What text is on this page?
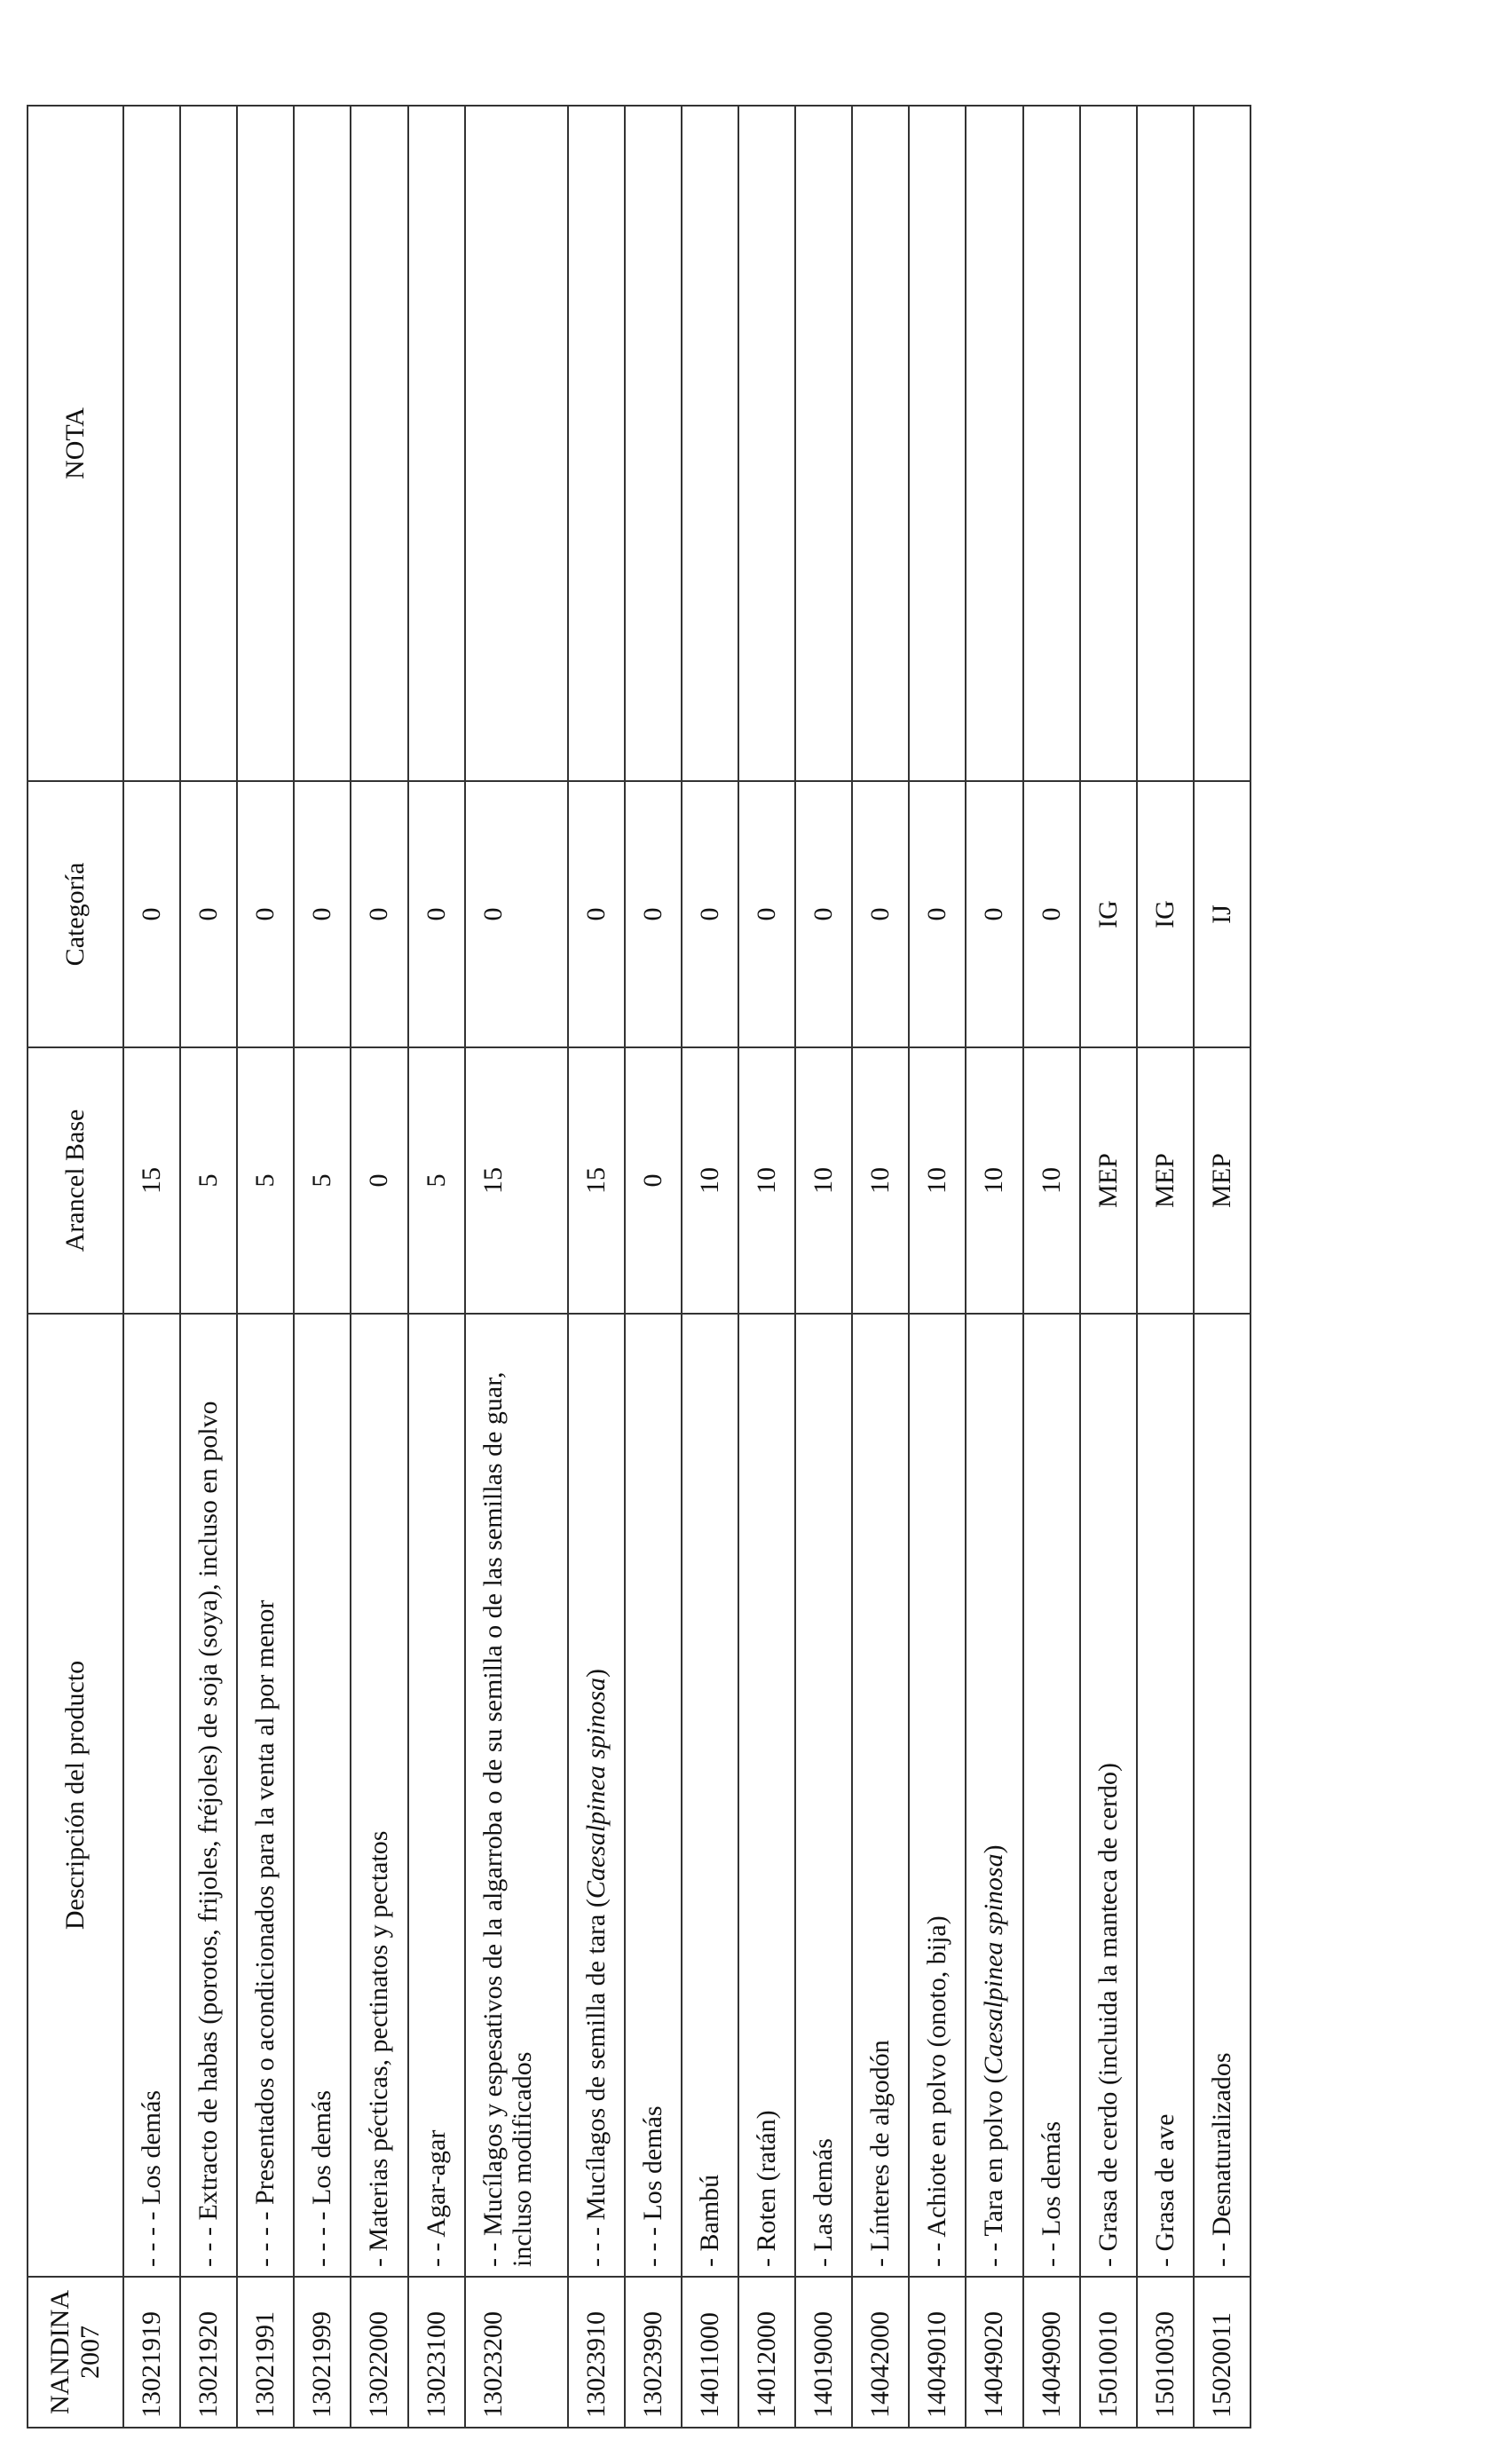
NANDINA 2007	Descripción del producto	Arancel Base	Categoría	NOTA
13021919	- - - - Los demás	15	0	
13021920	- - - Extracto de habas (porotos, frijoles, fréjoles) de soja (soya), incluso en polvo	5	0	
13021991	- - - - Presentados o acondicionados para la venta al por menor	5	0	
13021999	- - - - Los demás	5	0	
13022000	- Materias pécticas, pectinatos y pectatos	0	0	
13023100	- - Agar-agar	5	0	
13023200	- - Mucílagos y espesativos de la algarroba o de su semilla o de las semillas de guar, incluso modificados	15	0	
13023910	- - - Mucílagos de semilla de tara (Caesalpinea spinosa)	15	0	
13023990	- - - Los demás	0	0	
14011000	- Bambú	10	0	
14012000	- Roten (ratán)	10	0	
14019000	- Las demás	10	0	
14042000	- Línteres de algodón	10	0	
14049010	- - Achiote en polvo (onoto, bija)	10	0	
14049020	- - Tara en polvo (Caesalpinea spinosa)	10	0	
14049090	- - Los demás	10	0	
15010010	- Grasa de cerdo (incluida la manteca de cerdo)	MEP	IG	
15010030	- Grasa de ave	MEP	IG	
15020011	- - Desnaturalizados	MEP	IJ	
